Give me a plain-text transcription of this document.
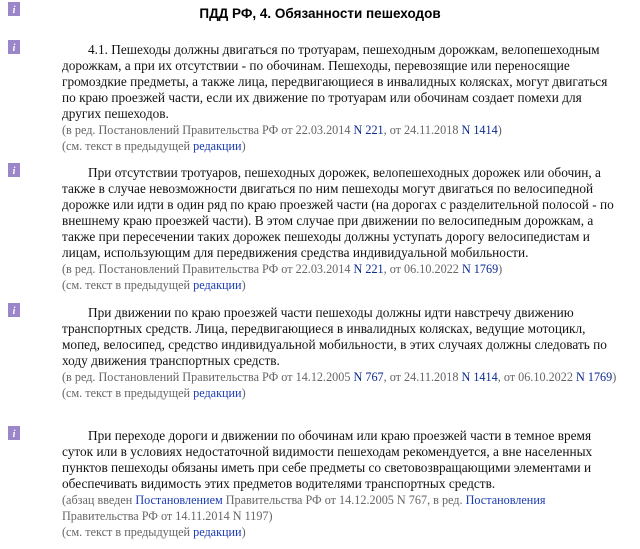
ПДД РФ, 4. Обязанности пешеходов
i
i
i
i
i

4.1. Пешеходы должны двигаться по тротуарам, пешеходным дорожкам, велопешеходным дорожкам, а при их отсутствии - по обочинам. Пешеходы, перевозящие или переносящие громоздкие предметы, а также лица, передвигающиеся в инвалидных колясках, могут двигаться по краю проезжей части, если их движение по тротуарам или обочинам создает помехи для других пешеходов.

(в ред. Постановлений Правительства РФ от 22.03.2014 N 221, от 24.11.2018 N 1414)

(см. текст в предыдущей редакции)

При отсутствии тротуаров, пешеходных дорожек, велопешеходных дорожек или обочин, а также в случае невозможности двигаться по ним пешеходы могут двигаться по велосипедной дорожке или идти в один ряд по краю проезжей части (на дорогах с разделительной полосой - по внешнему краю проезжей части). В этом случае при движении по велосипедным дорожкам, а также при пересечении таких дорожек пешеходы должны уступать дорогу велосипедистам и лицам, использующим для передвижения средства индивидуальной мобильности.

(в ред. Постановлений Правительства РФ от 22.03.2014 N 221, от 06.10.2022 N 1769)

(см. текст в предыдущей редакции)

При движении по краю проезжей части пешеходы должны идти навстречу движению транспортных средств. Лица, передвигающиеся в инвалидных колясках, ведущие мотоцикл, мопед, велосипед, средство индивидуальной мобильности, в этих случаях должны следовать по ходу движения транспортных средств.

(в ред. Постановлений Правительства РФ от 14.12.2005 N 767, от 24.11.2018 N 1414, от 06.10.2022 N 1769)

(см. текст в предыдущей редакции)

При переходе дороги и движении по обочинам или краю проезжей части в темное время суток или в условиях недостаточной видимости пешеходам рекомендуется, а вне населенных пунктов пешеходы обязаны иметь при себе предметы со световозвращающими элементами и обеспечивать видимость этих предметов водителями транспортных средств.

(абзац введен Постановлением Правительства РФ от 14.12.2005 N 767, в ред. Постановления Правительства РФ от 14.11.2014 N 1197)

(см. текст в предыдущей редакции)
